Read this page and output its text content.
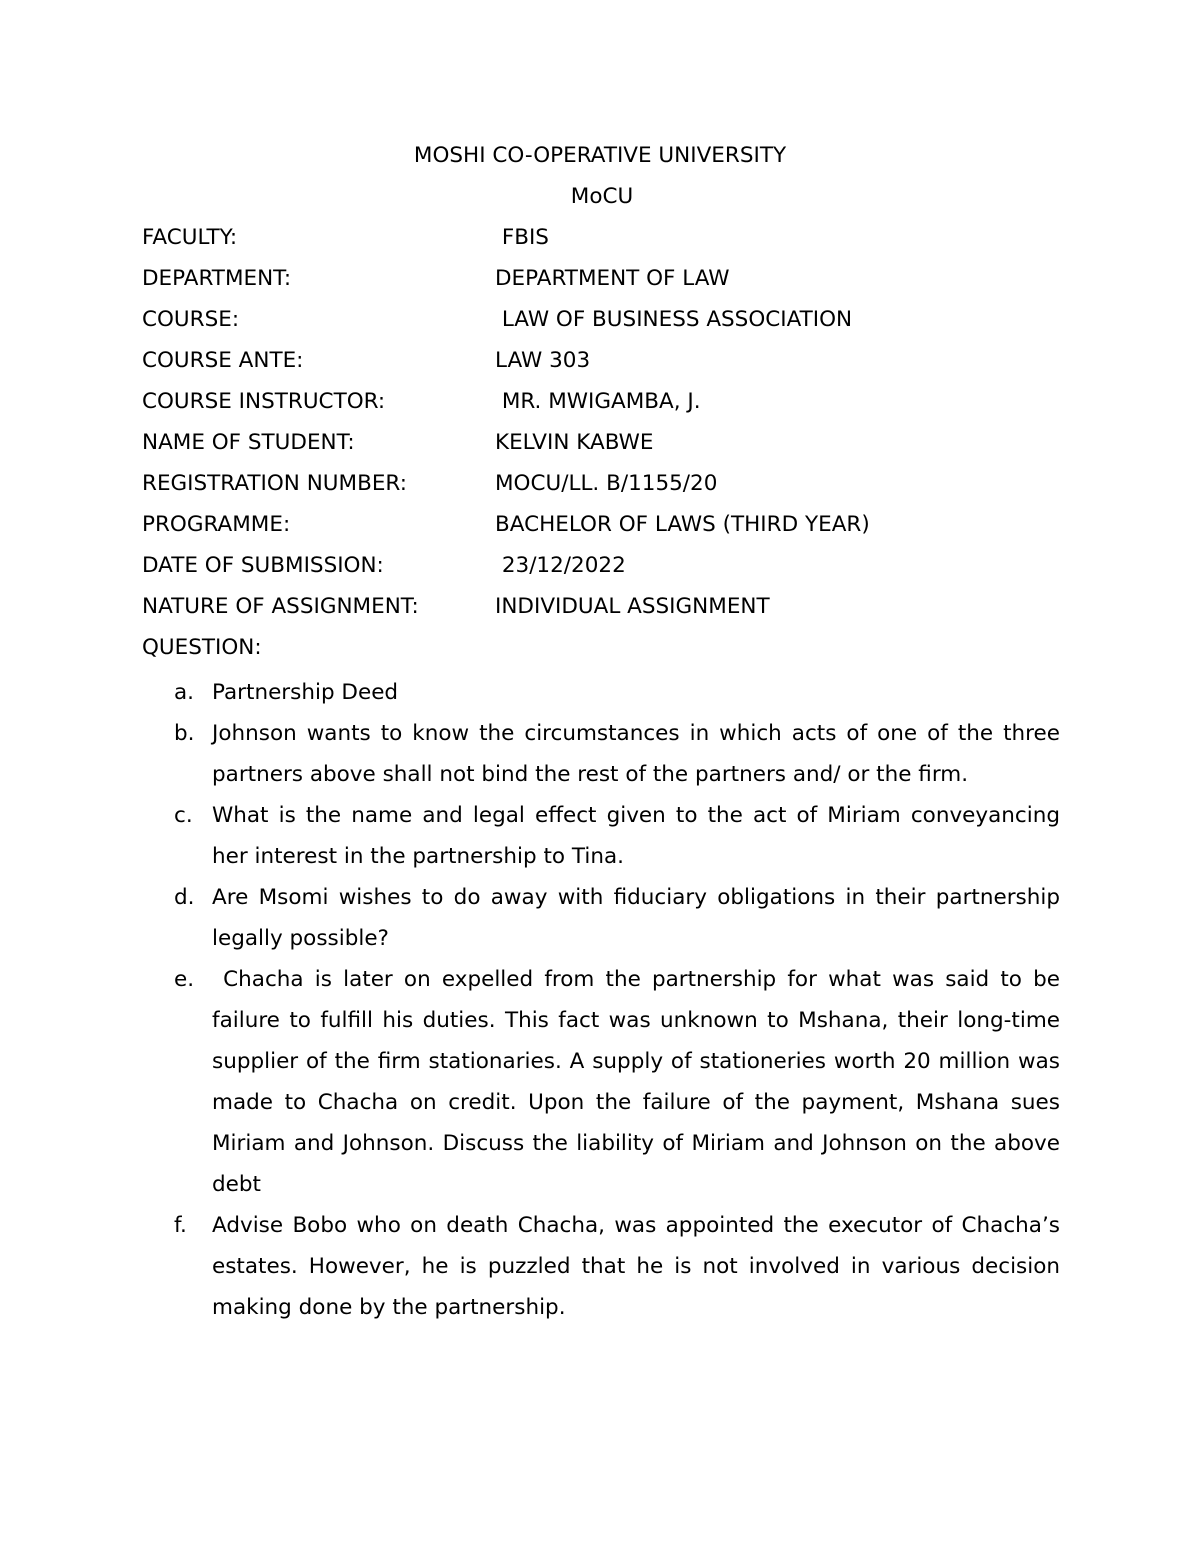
MOSHI CO-OPERATIVE UNIVERSITY
MoCU
FACULTY:	FBIS
DEPARTMENT:	DEPARTMENT OF LAW
COURSE:	LAW OF BUSINESS ASSOCIATION
COURSE ANTE:	LAW 303
COURSE INSTRUCTOR:	MR. MWIGAMBA, J.
NAME OF STUDENT:	KELVIN KABWE
REGISTRATION NUMBER:	MOCU/LL. B/1155/20
PROGRAMME:	BACHELOR OF LAWS (THIRD YEAR)
DATE OF SUBMISSION:	23/12/2022
NATURE OF ASSIGNMENT:	INDIVIDUAL ASSIGNMENT
QUESTION:
a. Partnership Deed
b. Johnson wants to know the circumstances in which acts of one of the three partners above shall not bind the rest of the partners and/ or the firm.
c. What is the name and legal effect given to the act of Miriam conveyancing her interest in the partnership to Tina.
d. Are Msomi wishes to do away with fiduciary obligations in their partnership legally possible?
e. Chacha is later on expelled from the partnership for what was said to be failure to fulfill his duties. This fact was unknown to Mshana, their long-time supplier of the firm stationaries. A supply of stationeries worth 20 million was made to Chacha on credit. Upon the failure of the payment, Mshana sues Miriam and Johnson. Discuss the liability of Miriam and Johnson on the above debt
f. Advise Bobo who on death Chacha, was appointed the executor of Chacha’s estates. However, he is puzzled that he is not involved in various decision making done by the partnership.
